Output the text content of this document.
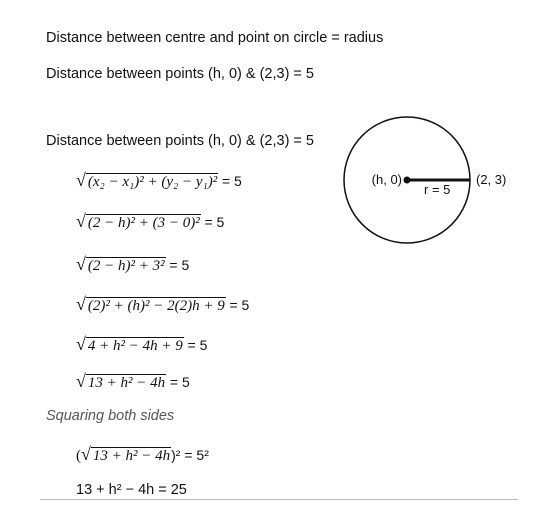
Distance between centre and point on circle = radius
Distance between points (h, 0) & (2,3) = 5
Distance between points (h, 0) & (2,3) = 5
√ (x₂ − x₁)² + (y₂ − y₁)² = 5
√ (2 − h)² + (3 − 0)² = 5
√ (2 − h)² + 3² = 5
√ (2)² + (h)² − 2(2)h + 9 = 5
√ 4 + h² − 4h + 9 = 5
√ 13 + h² − 4h = 5
Squaring both sides
(√ 13 + h² − 4h)² = 5²
13 + h² − 4h = 25
(h, 0)
r = 5
(2, 3)
